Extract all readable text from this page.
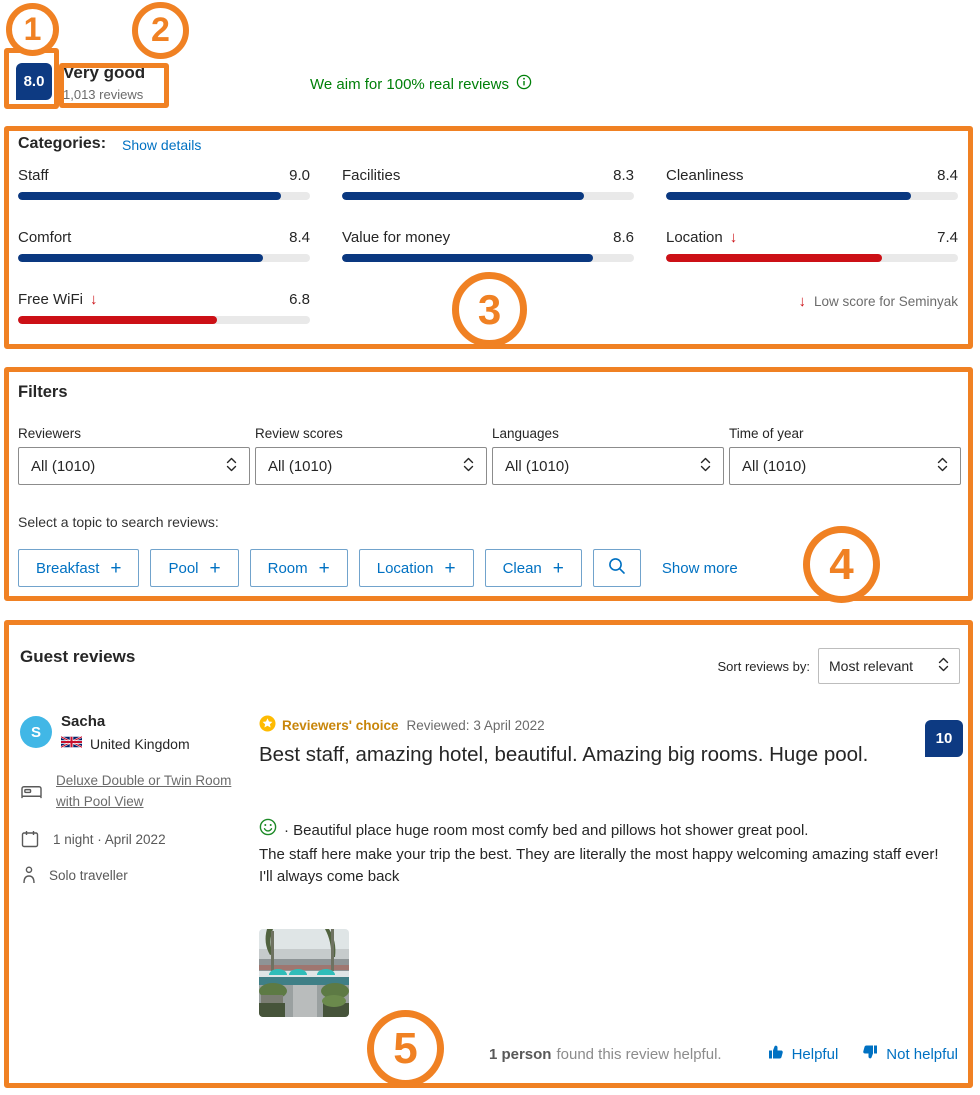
8.0	Very good
1,013 reviews
We aim for 100% real reviews
Categories: Show details
Staff	9.0 Facilities	8.3 Cleanliness	8.4
Comfort	8.4 Value for money	8.6 Location ↓	7.4
Free WiFi ↓	6.8	↓ Low score for Seminyak
Filters
Reviewers
All (1010)
Review scores
All (1010)
Languages
All (1010)
Time of year
All (1010)
Select a topic to search reviews:
Breakfast +	Pool +	Room +	Location +	Clean +	Show more
Guest reviews	Sort reviews by: Most relevant
S
Sacha
United Kingdom
Deluxe Double or Twin Room with Pool View
1 night · April 2022
Solo traveller
Reviewers' choice Reviewed: 3 April 2022
Best staff, amazing hotel, beautiful. Amazing big rooms. Huge pool.
10
· Beautiful place huge room most comfy bed and pillows hot shower great pool.
The staff here make your trip the best. They are literally the most happy welcoming amazing staff ever!
I'll always come back
1 person found this review helpful.	Helpful	Not helpful
1	2
3
4
5
